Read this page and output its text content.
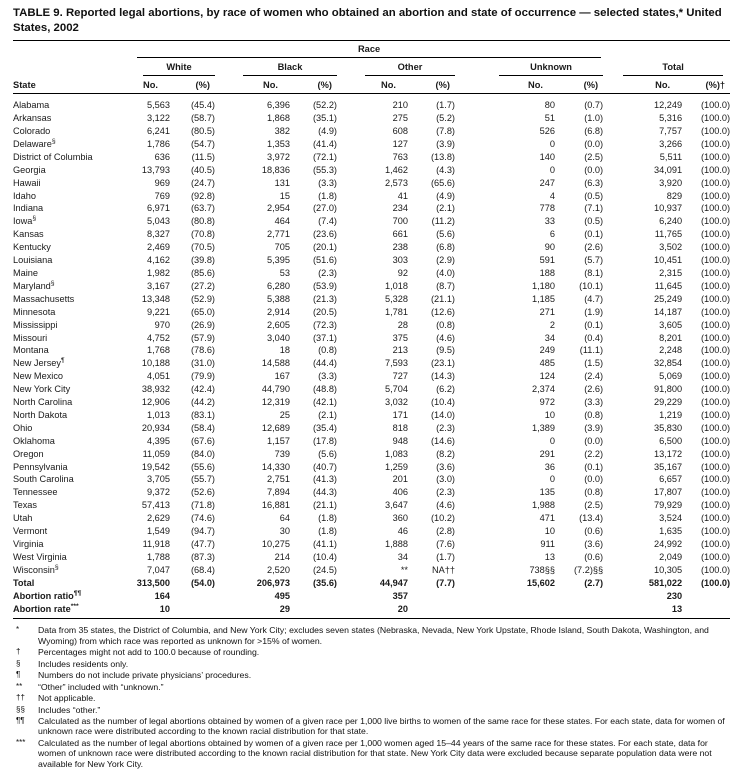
TABLE 9. Reported legal abortions, by race of women who obtained an abortion and state of occurrence — selected states,* United States, 2002

	Race									

	White		Black		Other		Unknown		Total	

State	No.	(%)	No.	(%)	No.	(%)	No.	(%)	No.	(%)†
Alabama	5,563	(45.4)	6,396	(52.2)	210	(1.7)	80	(0.7)	12,249	(100.0)
Arkansas	3,122	(58.7)	1,868	(35.1)	275	(5.2)	51	(1.0)	5,316	(100.0)
Colorado	6,241	(80.5)	382	(4.9)	608	(7.8)	526	(6.8)	7,757	(100.0)
Delaware§	1,786	(54.7)	1,353	(41.4)	127	(3.9)	0	(0.0)	3,266	(100.0)
District of Columbia	636	(11.5)	3,972	(72.1)	763	(13.8)	140	(2.5)	5,511	(100.0)
Georgia	13,793	(40.5)	18,836	(55.3)	1,462	(4.3)	0	(0.0)	34,091	(100.0)
Hawaii	969	(24.7)	131	(3.3)	2,573	(65.6)	247	(6.3)	3,920	(100.0)
Idaho	769	(92.8)	15	(1.8)	41	(4.9)	4	(0.5)	829	(100.0)
Indiana	6,971	(63.7)	2,954	(27.0)	234	(2.1)	778	(7.1)	10,937	(100.0)
Iowa§	5,043	(80.8)	464	(7.4)	700	(11.2)	33	(0.5)	6,240	(100.0)
Kansas	8,327	(70.8)	2,771	(23.6)	661	(5.6)	6	(0.1)	11,765	(100.0)
Kentucky	2,469	(70.5)	705	(20.1)	238	(6.8)	90	(2.6)	3,502	(100.0)
Louisiana	4,162	(39.8)	5,395	(51.6)	303	(2.9)	591	(5.7)	10,451	(100.0)
Maine	1,982	(85.6)	53	(2.3)	92	(4.0)	188	(8.1)	2,315	(100.0)
Maryland§	3,167	(27.2)	6,280	(53.9)	1,018	(8.7)	1,180	(10.1)	11,645	(100.0)
Massachusetts	13,348	(52.9)	5,388	(21.3)	5,328	(21.1)	1,185	(4.7)	25,249	(100.0)
Minnesota	9,221	(65.0)	2,914	(20.5)	1,781	(12.6)	271	(1.9)	14,187	(100.0)
Mississippi	970	(26.9)	2,605	(72.3)	28	(0.8)	2	(0.1)	3,605	(100.0)
Missouri	4,752	(57.9)	3,040	(37.1)	375	(4.6)	34	(0.4)	8,201	(100.0)
Montana	1,768	(78.6)	18	(0.8)	213	(9.5)	249	(11.1)	2,248	(100.0)
New Jersey¶	10,188	(31.0)	14,588	(44.4)	7,593	(23.1)	485	(1.5)	32,854	(100.0)
New Mexico	4,051	(79.9)	167	(3.3)	727	(14.3)	124	(2.4)	5,069	(100.0)
New York City	38,932	(42.4)	44,790	(48.8)	5,704	(6.2)	2,374	(2.6)	91,800	(100.0)
North Carolina	12,906	(44.2)	12,319	(42.1)	3,032	(10.4)	972	(3.3)	29,229	(100.0)
North Dakota	1,013	(83.1)	25	(2.1)	171	(14.0)	10	(0.8)	1,219	(100.0)
Ohio	20,934	(58.4)	12,689	(35.4)	818	(2.3)	1,389	(3.9)	35,830	(100.0)
Oklahoma	4,395	(67.6)	1,157	(17.8)	948	(14.6)	0	(0.0)	6,500	(100.0)
Oregon	11,059	(84.0)	739	(5.6)	1,083	(8.2)	291	(2.2)	13,172	(100.0)
Pennsylvania	19,542	(55.6)	14,330	(40.7)	1,259	(3.6)	36	(0.1)	35,167	(100.0)
South Carolina	3,705	(55.7)	2,751	(41.3)	201	(3.0)	0	(0.0)	6,657	(100.0)
Tennessee	9,372	(52.6)	7,894	(44.3)	406	(2.3)	135	(0.8)	17,807	(100.0)
Texas	57,413	(71.8)	16,881	(21.1)	3,647	(4.6)	1,988	(2.5)	79,929	(100.0)
Utah	2,629	(74.6)	64	(1.8)	360	(10.2)	471	(13.4)	3,524	(100.0)
Vermont	1,549	(94.7)	30	(1.8)	46	(2.8)	10	(0.6)	1,635	(100.0)
Virginia	11,918	(47.7)	10,275	(41.1)	1,888	(7.6)	911	(3.6)	24,992	(100.0)
West Virginia	1,788	(87.3)	214	(10.4)	34	(1.7)	13	(0.6)	2,049	(100.0)
Wisconsin§	7,047	(68.4)	2,520	(24.5)	**	NA††	738§§	(7.2)§§	10,305	(100.0)
Total	313,500	(54.0)	206,973	(35.6)	44,947	(7.7)	15,602	(2.7)	581,022	(100.0)
Abortion ratio¶¶	164		495		357				230	
Abortion rate***	10		29		20				13	
*	Data from 35 states, the District of Columbia, and New York City; excludes seven states (Nebraska, Nevada, New York Upstate, Rhode Island, South Dakota, Washington, and Wyoming) from which race was reported as unknown for >15% of women.
†	Percentages might not add to 100.0 because of rounding.
§	Includes residents only.
¶	Numbers do not include private physicians’ procedures.
**	“Other” included with “unknown.”
††	Not applicable.
§§	Includes “other.”
¶¶	Calculated as the number of legal abortions obtained by women of a given race per 1,000 live births to women of the same race for these states. For each state, data for women of unknown race were distributed according to the known racial distribution for that state.
***	Calculated as the number of legal abortions obtained by women of a given race per 1,000 women aged 15–44 years of the same race for these states. For each state, data for women of unknown race were distributed according to the known racial distribution for that state. New York City data were excluded because separate population data were not available for New York City.
